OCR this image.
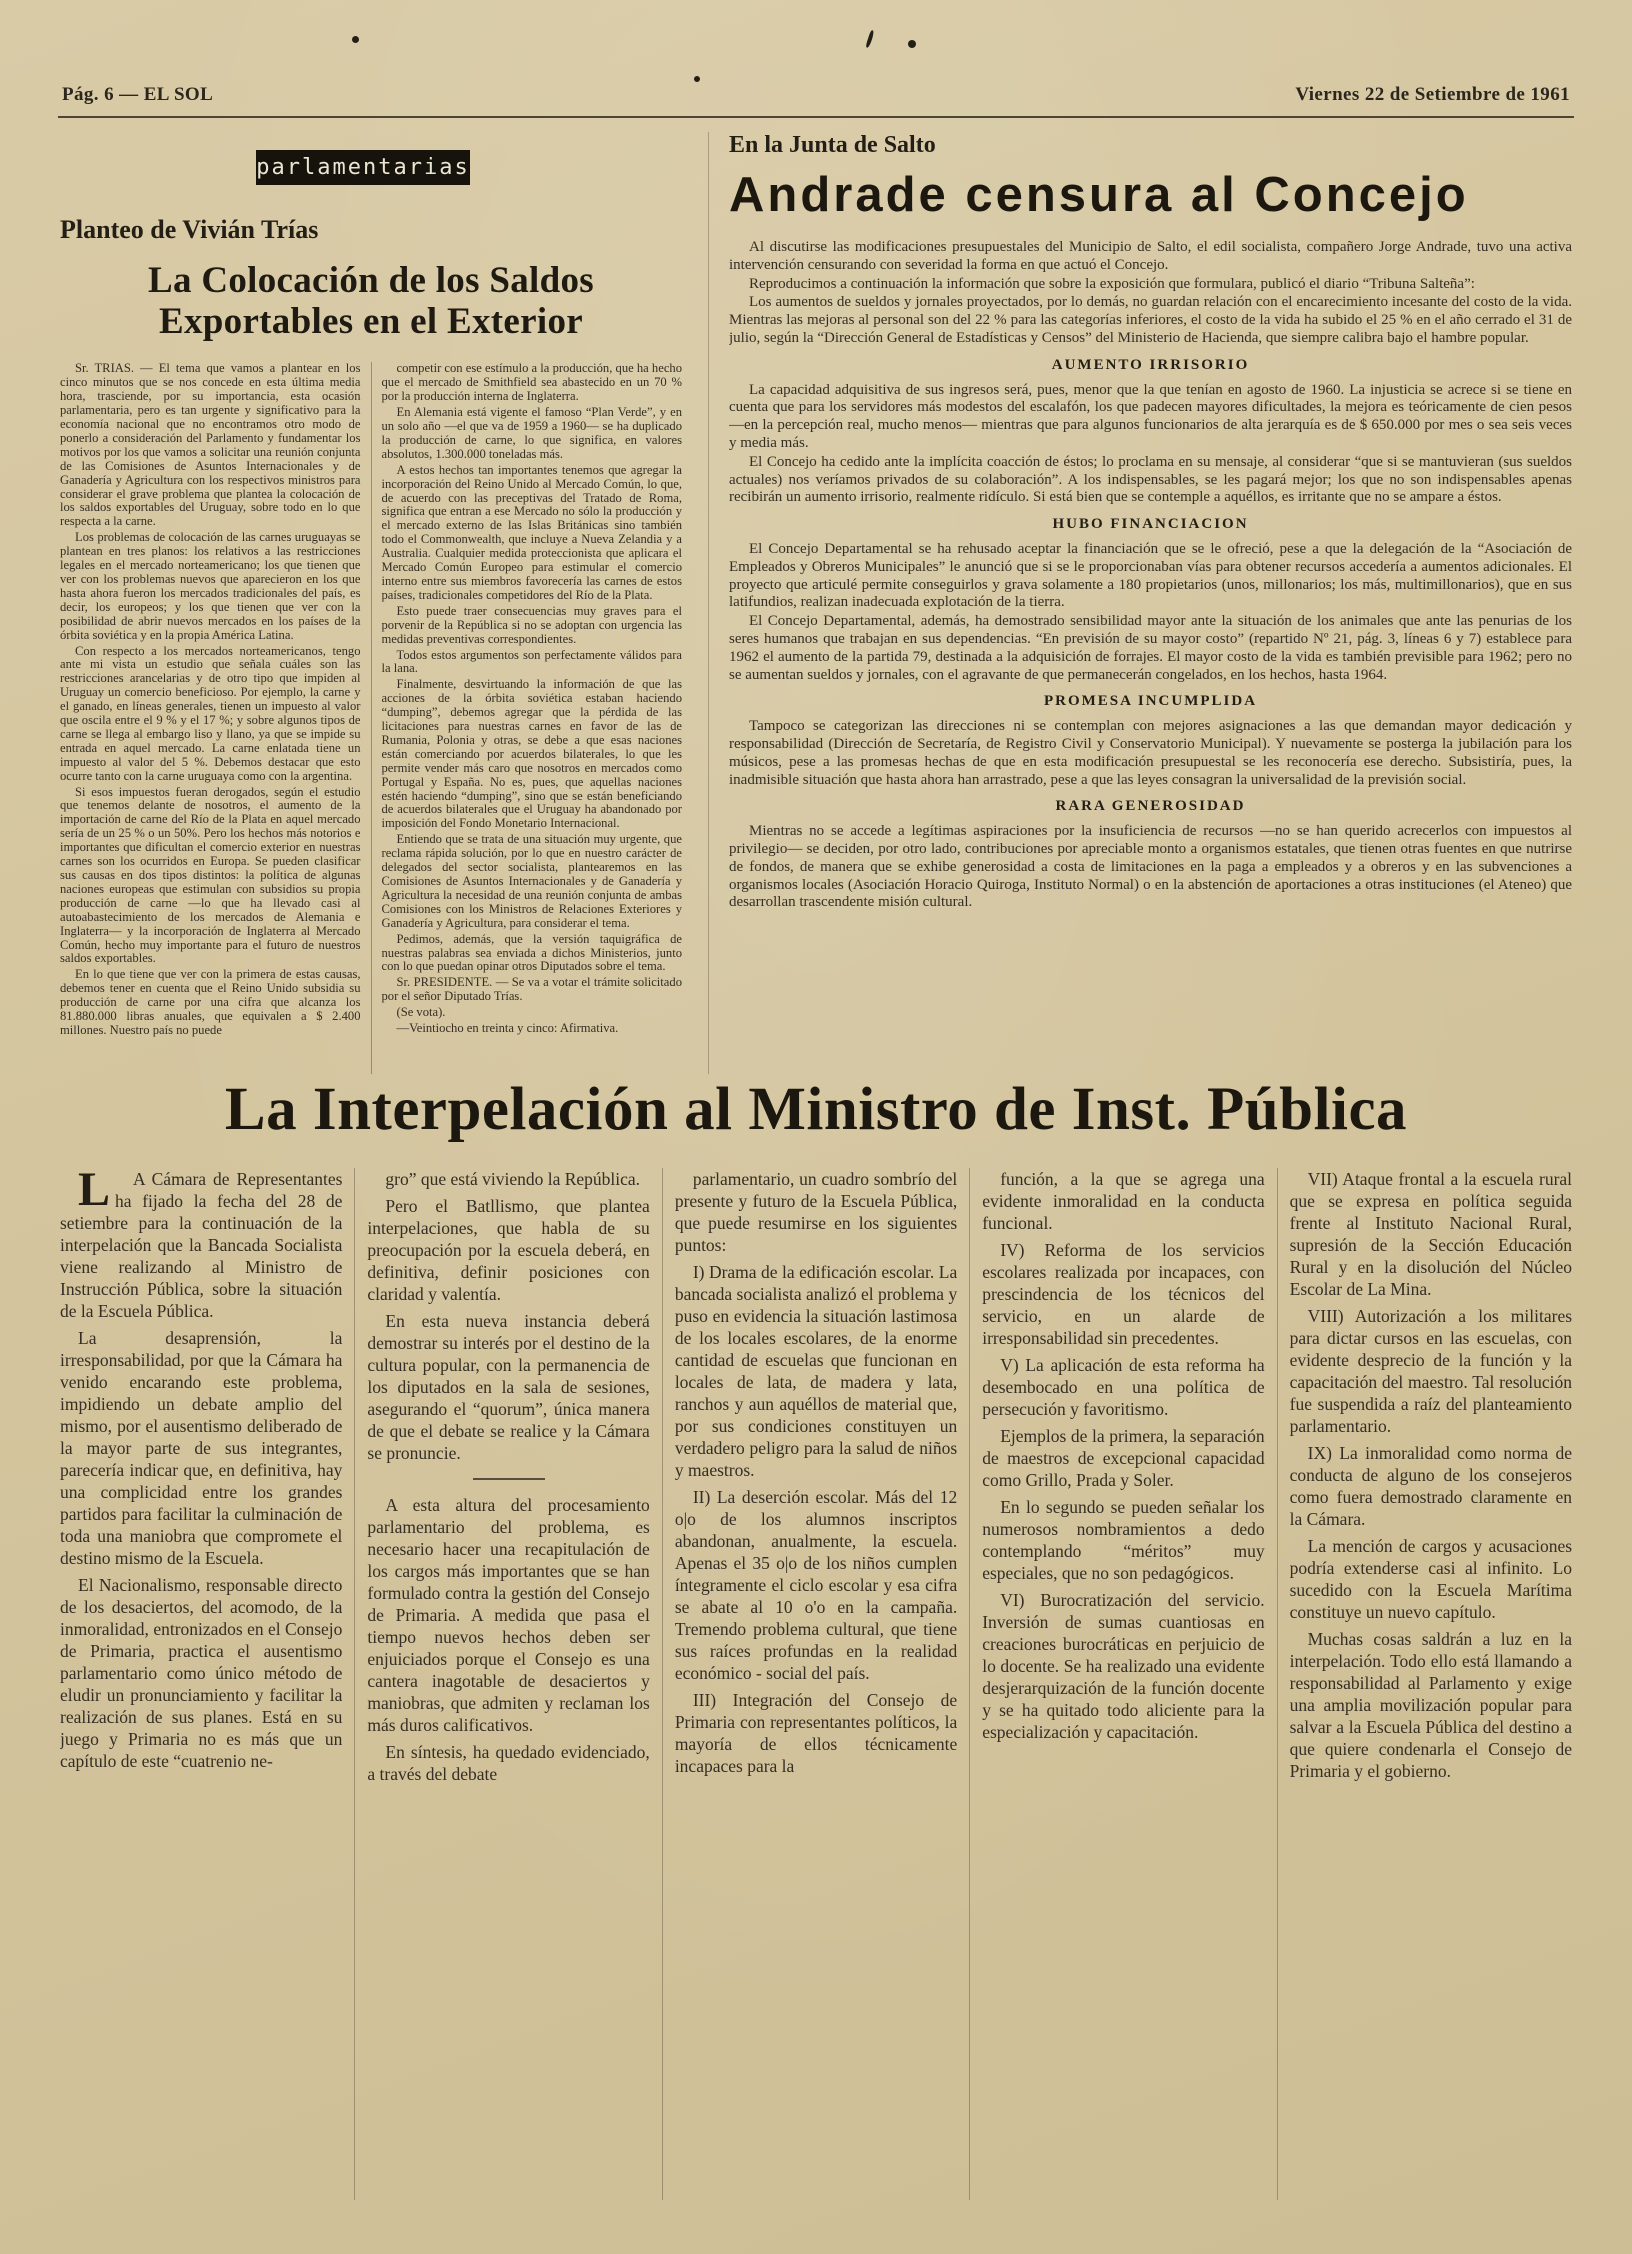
Pág. 6 — EL SOL	Viernes 22 de Setiembre de 1961
parlamentarias
Planteo de Vivián Trías
La Colocación de los Saldos Exportables en el Exterior

Sr. TRIAS. — El tema que vamos a plantear en los cinco minutos que se nos concede en esta última media hora, trasciende, por su importancia, esta ocasión parlamentaria, pero es tan urgente y significativo para la economía nacional que no encontramos otro modo de ponerlo a consideración del Parlamento y fundamentar los motivos por los que vamos a solicitar una reunión conjunta de las Comisiones de Asuntos Internacionales y de Ganadería y Agricultura con los respectivos ministros para considerar el grave problema que plantea la colocación de los saldos exportables del Uruguay, sobre todo en lo que respecta a la carne.

Los problemas de colocación de las carnes uruguayas se plantean en tres planos: los relativos a las restricciones legales en el mercado norteamericano; los que tienen que ver con los problemas nuevos que aparecieron en los que hasta ahora fueron los mercados tradicionales del país, es decir, los europeos; y los que tienen que ver con la posibilidad de abrir nuevos mercados en los países de la órbita soviética y en la propia América Latina.

Con respecto a los mercados norteamericanos, tengo ante mi vista un estudio que señala cuáles son las restricciones arancelarias y de otro tipo que impiden al Uruguay un comercio beneficioso. Por ejemplo, la carne y el ganado, en líneas generales, tienen un impuesto al valor que oscila entre el 9 % y el 17 %; y sobre algunos tipos de carne se llega al embargo liso y llano, ya que se impide su entrada en aquel mercado. La carne enlatada tiene un impuesto al valor del 5 %. Debemos destacar que esto ocurre tanto con la carne uruguaya como con la argentina.

Si esos impuestos fueran derogados, según el estudio que tenemos delante de nosotros, el aumento de la importación de carne del Río de la Plata en aquel mercado sería de un 25 % o un 50%. Pero los hechos más notorios e importantes que dificultan el comercio exterior en nuestras carnes son los ocurridos en Europa. Se pueden clasificar sus causas en dos tipos distintos: la política de algunas naciones europeas que estimulan con subsidios su propia producción de carne —lo que ha llevado casi al autoabastecimiento de los mercados de Alemania e Inglaterra— y la incorporación de Inglaterra al Mercado Común, hecho muy importante para el futuro de nuestros saldos exportables.

En lo que tiene que ver con la primera de estas causas, debemos tener en cuenta que el Reino Unido subsidia su producción de carne por una cifra que alcanza los 81.880.000 libras anuales, que equivalen a $ 2.400 millones. Nuestro país no puede

competir con ese estímulo a la producción, que ha hecho que el mercado de Smithfield sea abastecido en un 70 % por la producción interna de Inglaterra.

En Alemania está vigente el famoso “Plan Verde”, y en un solo año —el que va de 1959 a 1960— se ha duplicado la producción de carne, lo que significa, en valores absolutos, 1.300.000 toneladas más.

A estos hechos tan importantes tenemos que agregar la incorporación del Reino Unido al Mercado Común, lo que, de acuerdo con las preceptivas del Tratado de Roma, significa que entran a ese Mercado no sólo la producción y el mercado externo de las Islas Británicas sino también todo el Commonwealth, que incluye a Nueva Zelandia y a Australia. Cualquier medida proteccionista que aplicara el Mercado Común Europeo para estimular el comercio interno entre sus miembros favorecería las carnes de estos países, tradicionales competidores del Río de la Plata.

Esto puede traer consecuencias muy graves para el porvenir de la República si no se adoptan con urgencia las medidas preventivas correspondientes.

Todos estos argumentos son perfectamente válidos para la lana.

Finalmente, desvirtuando la información de que las acciones de la órbita soviética estaban haciendo “dumping”, debemos agregar que la pérdida de las licitaciones para nuestras carnes en favor de las de Rumania, Polonia y otras, se debe a que esas naciones están comerciando por acuerdos bilaterales, lo que les permite vender más caro que nosotros en mercados como Portugal y España. No es, pues, que aquellas naciones estén haciendo “dumping”, sino que se están beneficiando de acuerdos bilaterales que el Uruguay ha abandonado por imposición del Fondo Monetario Internacional.

Entiendo que se trata de una situación muy urgente, que reclama rápida solución, por lo que en nuestro carácter de delegados del sector socialista, plantearemos en las Comisiones de Asuntos Internacionales y de Ganadería y Agricultura la necesidad de una reunión conjunta de ambas Comisiones con los Ministros de Relaciones Exteriores y Ganadería y Agricultura, para considerar el tema.

Pedimos, además, que la versión taquigráfica de nuestras palabras sea enviada a dichos Ministerios, junto con lo que puedan opinar otros Diputados sobre el tema.

Sr. PRESIDENTE. — Se va a votar el trámite solicitado por el señor Diputado Trías.

(Se vota).

—Veintiocho en treinta y cinco: Afirmativa.

En la Junta de Salto
Andrade censura al Concejo

Al discutirse las modificaciones presupuestales del Municipio de Salto, el edil socialista, compañero Jorge Andrade, tuvo una activa intervención censurando con severidad la forma en que actuó el Concejo.

Reproducimos a continuación la información que sobre la exposición que formulara, publicó el diario “Tribuna Salteña”:

Los aumentos de sueldos y jornales proyectados, por lo demás, no guardan relación con el encarecimiento incesante del costo de la vida. Mientras las mejoras al personal son del 22 % para las categorías inferiores, el costo de la vida ha subido el 25 % en el año cerrado el 31 de julio, según la “Dirección General de Estadísticas y Censos” del Ministerio de Hacienda, que siempre calibra bajo el hambre popular.

AUMENTO IRRISORIO

La capacidad adquisitiva de sus ingresos será, pues, menor que la que tenían en agosto de 1960. La injusticia se acrece si se tiene en cuenta que para los servidores más modestos del escalafón, los que padecen mayores dificultades, la mejora es teóricamente de cien pesos —en la percepción real, mucho menos— mientras que para algunos funcionarios de alta jerarquía es de $ 650.000 por mes o sea seis veces y media más.

El Concejo ha cedido ante la implícita coacción de éstos; lo proclama en su mensaje, al considerar “que si se mantuvieran (sus sueldos actuales) nos veríamos privados de su colaboración”. A los indispensables, se les pagará mejor; los que no son indispensables apenas recibirán un aumento irrisorio, realmente ridículo. Si está bien que se contemple a aquéllos, es irritante que no se ampare a éstos.

HUBO FINANCIACION

El Concejo Departamental se ha rehusado aceptar la financiación que se le ofreció, pese a que la delegación de la “Asociación de Empleados y Obreros Municipales” le anunció que si se le proporcionaban vías para obtener recursos accedería a aumentos adicionales. El proyecto que articulé permite conseguirlos y grava solamente a 180 propietarios (unos, millonarios; los más, multimillonarios), que en sus latifundios, realizan inadecuada explotación de la tierra.

El Concejo Departamental, además, ha demostrado sensibilidad mayor ante la situación de los animales que ante las penurias de los seres humanos que trabajan en sus dependencias. “En previsión de su mayor costo” (repartido Nº 21, pág. 3, líneas 6 y 7) establece para 1962 el aumento de la partida 79, destinada a la adquisición de forrajes. El mayor costo de la vida es también previsible para 1962; pero no se aumentan sueldos y jornales, con el agravante de que permanecerán congelados, en los hechos, hasta 1964.

PROMESA INCUMPLIDA

Tampoco se categorizan las direcciones ni se contemplan con mejores asignaciones a las que demandan mayor dedicación y responsabilidad (Dirección de Secretaría, de Registro Civil y Conservatorio Municipal). Y nuevamente se posterga la jubilación para los músicos, pese a las promesas hechas de que en esta modificación presupuestal se les reconocería ese derecho. Subsistiría, pues, la inadmisible situación que hasta ahora han arrastrado, pese a que las leyes consagran la universalidad de la previsión social.

RARA GENEROSIDAD

Mientras no se accede a legítimas aspiraciones por la insuficiencia de recursos —no se han querido acrecerlos con impuestos al privilegio— se deciden, por otro lado, contribuciones por apreciable monto a organismos estatales, que tienen otras fuentes en que nutrirse de fondos, de manera que se exhibe generosidad a costa de limitaciones en la paga a empleados y a obreros y en las subvenciones a organismos locales (Asociación Horacio Quiroga, Instituto Normal) o en la abstención de aportaciones a otras instituciones (el Ateneo) que desarrollan trascendente misión cultural.

La Interpelación al Ministro de Inst. Pública

LA Cámara de Representantes ha fijado la fecha del 28 de setiembre para la continuación de la interpelación que la Bancada Socialista viene realizando al Ministro de Instrucción Pública, sobre la situación de la Escuela Pública.

La desaprensión, la irresponsabilidad, por que la Cámara ha venido encarando este problema, impidiendo un debate amplio del mismo, por el ausentismo deliberado de la mayor parte de sus integrantes, parecería indicar que, en definitiva, hay una complicidad entre los grandes partidos para facilitar la culminación de toda una maniobra que compromete el destino mismo de la Escuela.

El Nacionalismo, responsable directo de los desaciertos, del acomodo, de la inmoralidad, entronizados en el Consejo de Primaria, practica el ausentismo parlamentario como único método de eludir un pronunciamiento y facilitar la realización de sus planes. Está en su juego y Primaria no es más que un capítulo de este “cuatrenio ne-

gro” que está viviendo la República.

Pero el Batllismo, que plantea interpelaciones, que habla de su preocupación por la escuela deberá, en definitiva, definir posiciones con claridad y valentía.

En esta nueva instancia deberá demostrar su interés por el destino de la cultura popular, con la permanencia de los diputados en la sala de sesiones, asegurando el “quorum”, única manera de que el debate se realice y la Cámara se pronuncie.

A esta altura del procesamiento parlamentario del problema, es necesario hacer una recapitulación de los cargos más importantes que se han formulado contra la gestión del Consejo de Primaria. A medida que pasa el tiempo nuevos hechos deben ser enjuiciados porque el Consejo es una cantera inagotable de desaciertos y maniobras, que admiten y reclaman los más duros calificativos.

En síntesis, ha quedado evidenciado, a través del debate

parlamentario, un cuadro sombrío del presente y futuro de la Escuela Pública, que puede resumirse en los siguientes puntos:

I) Drama de la edificación escolar. La bancada socialista analizó el problema y puso en evidencia la situación lastimosa de los locales escolares, de la enorme cantidad de escuelas que funcionan en locales de lata, de madera y lata, ranchos y aun aquéllos de material que, por sus condiciones constituyen un verdadero peligro para la salud de niños y maestros.

II) La deserción escolar. Más del 12 o|o de los alumnos inscriptos abandonan, anualmente, la escuela. Apenas el 35 o|o de los niños cumplen íntegramente el ciclo escolar y esa cifra se abate al 10 o'o en la campaña. Tremendo problema cultural, que tiene sus raíces profundas en la realidad económico - social del país.

III) Integración del Consejo de Primaria con representantes políticos, la mayoría de ellos técnicamente incapaces para la

función, a la que se agrega una evidente inmoralidad en la conducta funcional.

IV) Reforma de los servicios escolares realizada por incapaces, con prescindencia de los técnicos del servicio, en un alarde de irresponsabilidad sin precedentes.

V) La aplicación de esta reforma ha desembocado en una política de persecución y favoritismo.

Ejemplos de la primera, la separación de maestros de excepcional capacidad como Grillo, Prada y Soler.

En lo segundo se pueden señalar los numerosos nombramientos a dedo contemplando “méritos” muy especiales, que no son pedagógicos.

VI) Burocratización del servicio. Inversión de sumas cuantiosas en creaciones burocráticas en perjuicio de lo docente. Se ha realizado una evidente desjerarquización de la función docente y se ha quitado todo aliciente para la especialización y capacitación.

VII) Ataque frontal a la escuela rural que se expresa en política seguida frente al Instituto Nacional Rural, supresión de la Sección Educación Rural y en la disolución del Núcleo Escolar de La Mina.

VIII) Autorización a los militares para dictar cursos en las escuelas, con evidente desprecio de la función y la capacitación del maestro. Tal resolución fue suspendida a raíz del planteamiento parlamentario.

IX) La inmoralidad como norma de conducta de alguno de los consejeros como fuera demostrado claramente en la Cámara.

La mención de cargos y acusaciones podría extenderse casi al infinito. Lo sucedido con la Escuela Marítima constituye un nuevo capítulo.

Muchas cosas saldrán a luz en la interpelación. Todo ello está llamando a responsabilidad al Parlamento y exige una amplia movilización popular para salvar a la Escuela Pública del destino a que quiere condenarla el Consejo de Primaria y el gobierno.
